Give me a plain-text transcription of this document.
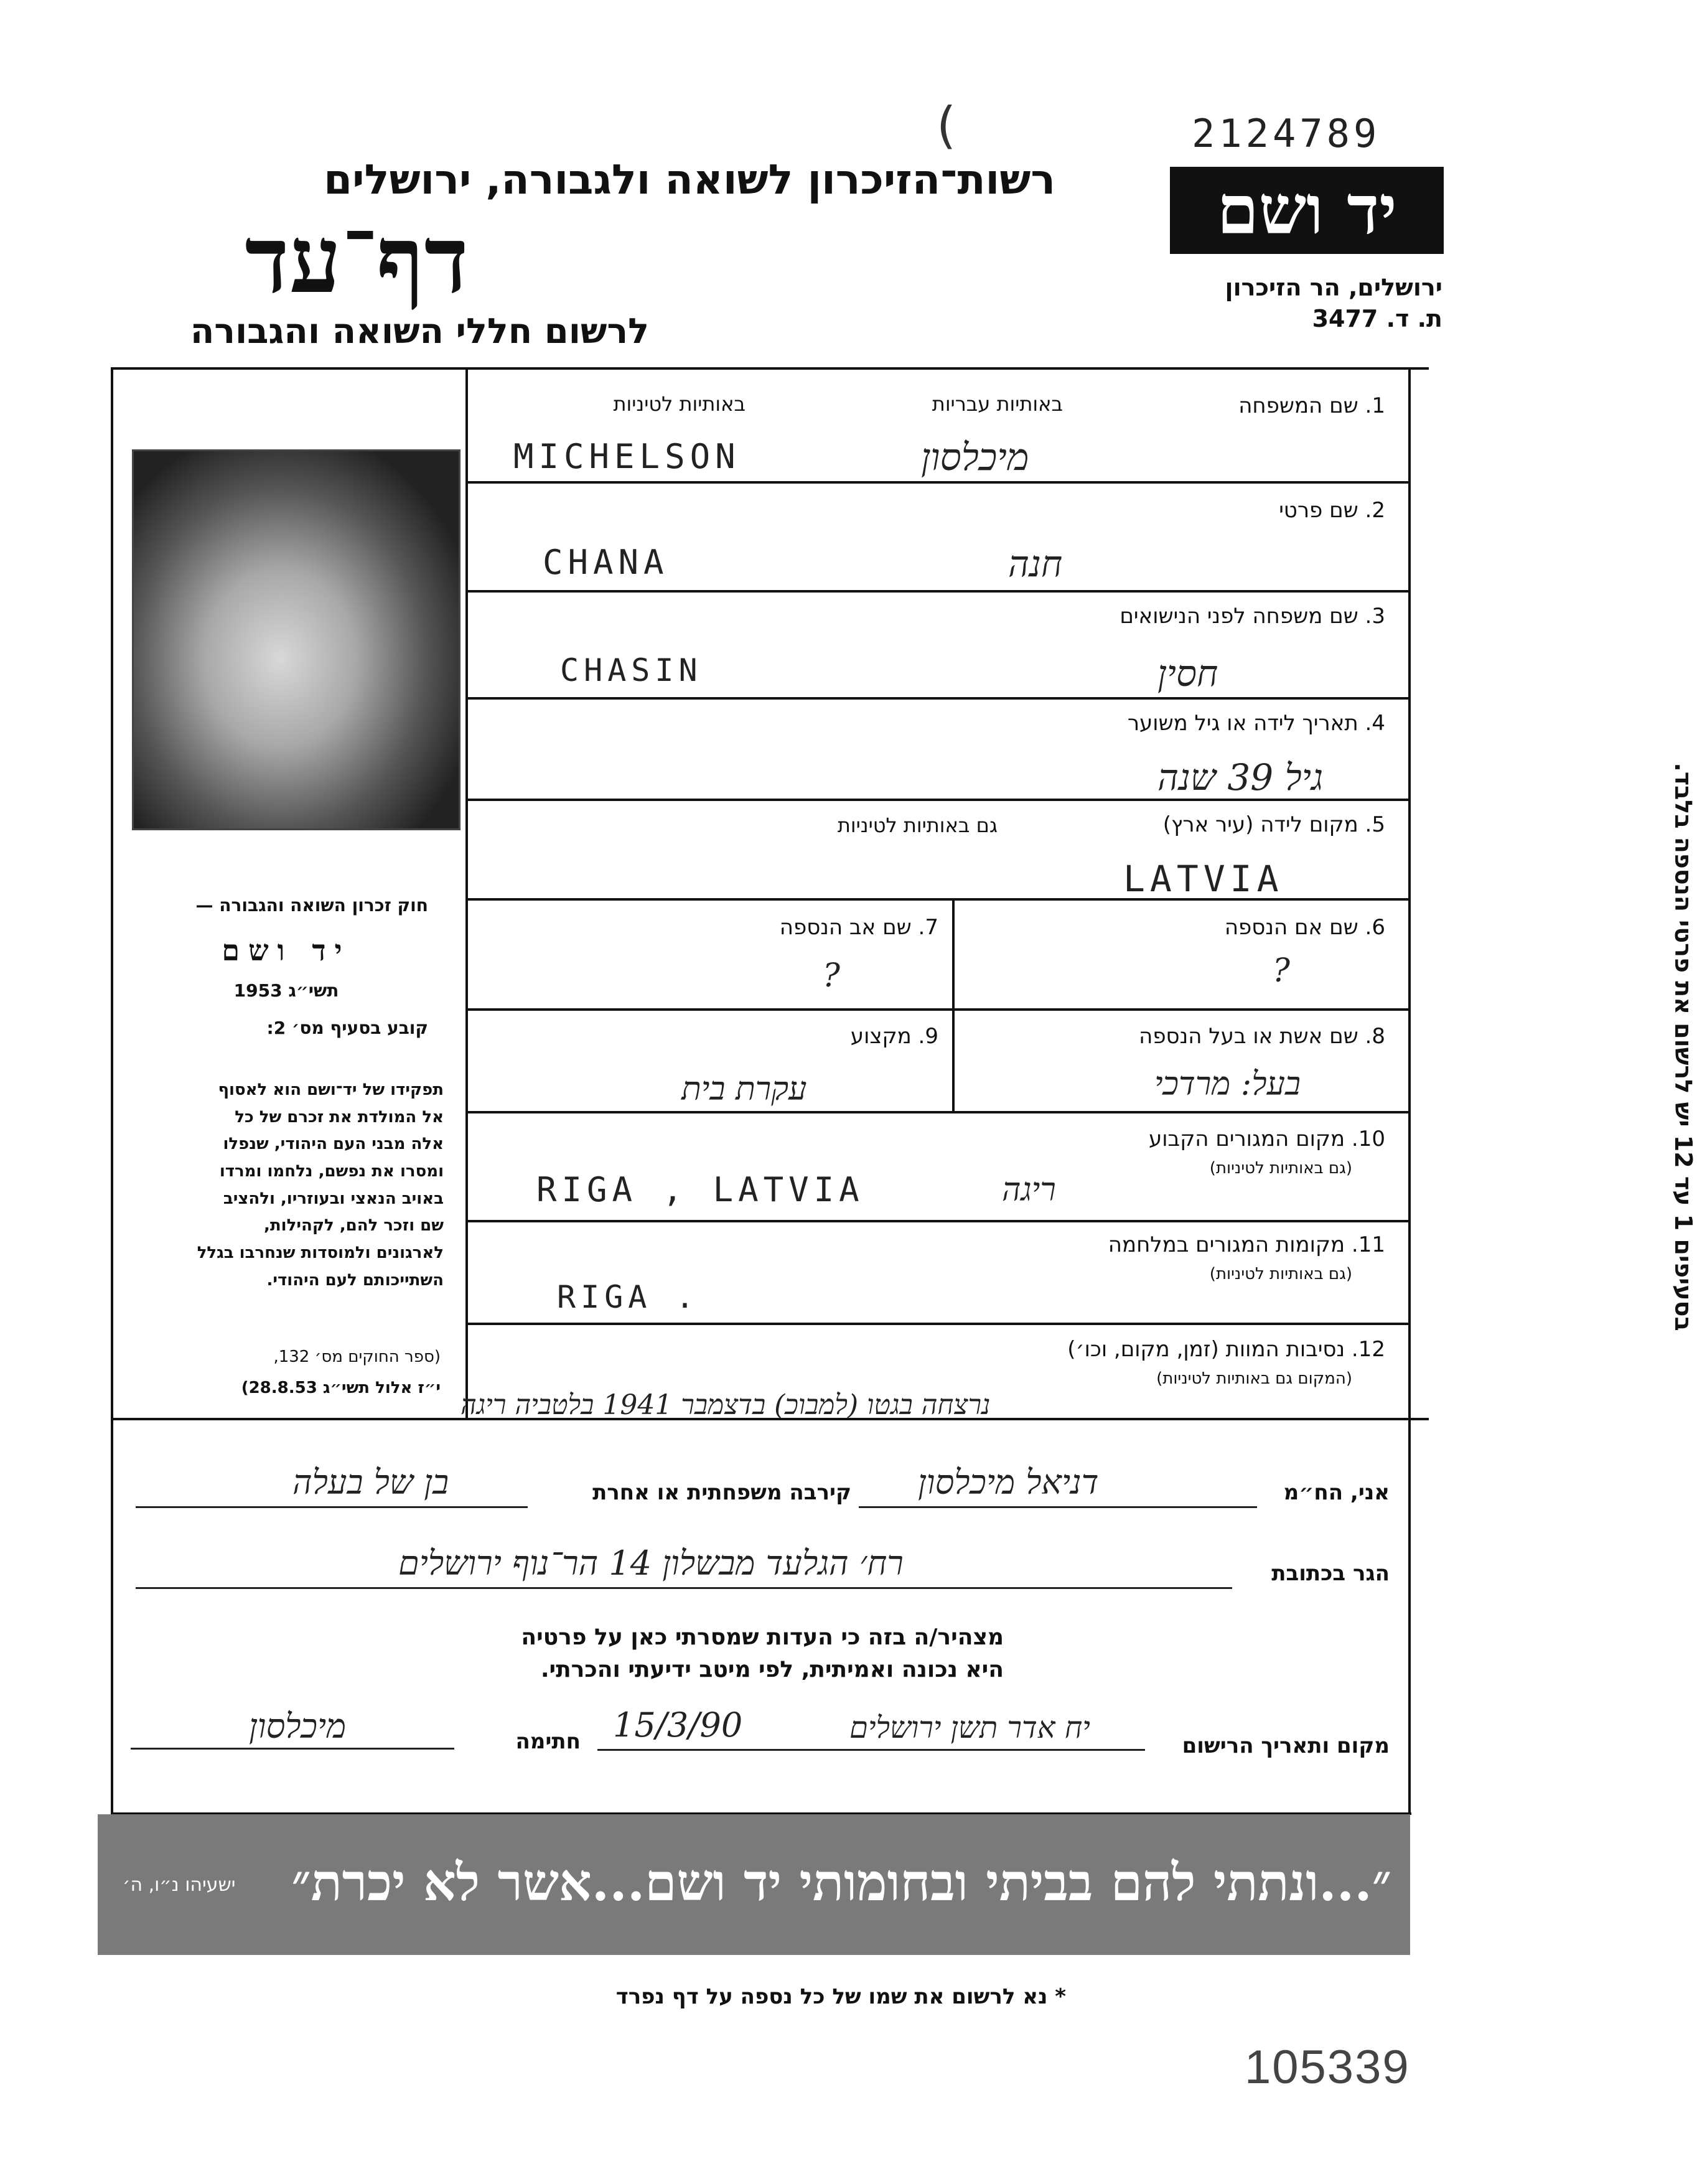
2124789
(
רשות־הזיכרון לשואה ולגבורה, ירושלים
דף־עד
לרשום חללי השואה והגבורה
יד ושם
ירושלים, הר הזיכרון
ת. ד. 3477
באותיות עבריות
באותיות לטיניות	1. שם המשפחה
מיכלסון
MICHELSON
2. שם פרטי
חנה
CHANA
3. שם משפחה לפני הנישואים
חסין
CHASIN
4. תאריך לידה או גיל משוער
גיל 39 שנה
5. מקום לידה (עיר ארץ)
גם באותיות לטיניות
LATVIA
6. שם אם הנספה
?
7. שם אב הנספה
?
8. שם אשת או בעל הנספה
בעל: מרדכי
9. מקצוע
עקרת בית
10. מקום המגורים הקבוע
(גם באותיות לטיניות)
ריגה
RIGA , LATVIA
11. מקומות המגורים במלחמה
(גם באותיות לטיניות)
RIGA .
12. נסיבות המוות (זמן, מקום, וכו׳)
(המקום גם באותיות לטיניות)
נרצחה בגטו (למבוכ) בדצמבר 1941 בלטביה ריגה
בסעיפים 1 עד 12 יש לרשום את פרטי הנספה בלבד.
חוק זכרון השואה והגבורה —
יד ושם
תשי״ג 1953
קובע בסעיף מס׳ 2:
תפקידו של יד־ושם הוא לאסוף
אל המולדת את זכרם של כל
אלה מבני העם היהודי, שנפלו
ומסרו את נפשם, נלחמו ומרדו
באויב הנאצי ובעוזריו, ולהציב
שם וזכר להם, לקהילות,
לארגונים ולמוסדות שנחרבו בגלל
השתייכותם לעם היהודי.
(ספר החוקים מס׳ 132,
י״ז אלול תשי״ג 28.8.53)
אני, הח״מ
דניאל מיכלסון
קירבה משפחתית או אחרת
בן של בעלה
הגר בכתובת
רח׳ הגלעד מבשלון 14 הר־נוף ירושלים
מצהיר/ה בזה כי העדות שמסרתי כאן על פרטיה
היא נכונה ואמיתית, לפי מיטב ידיעתי והכרתי.
מקום ותאריך הרישום
יח אדר תשן ירושלים
15/3/90
חתימה
מיכלסון
״...ונתתי להם בביתי ובחומותי יד ושם...אשר לא יכרת״
ישעיהו נ״ו, ה׳
* נא לרשום את שמו של כל נספה על דף נפרד
105339
